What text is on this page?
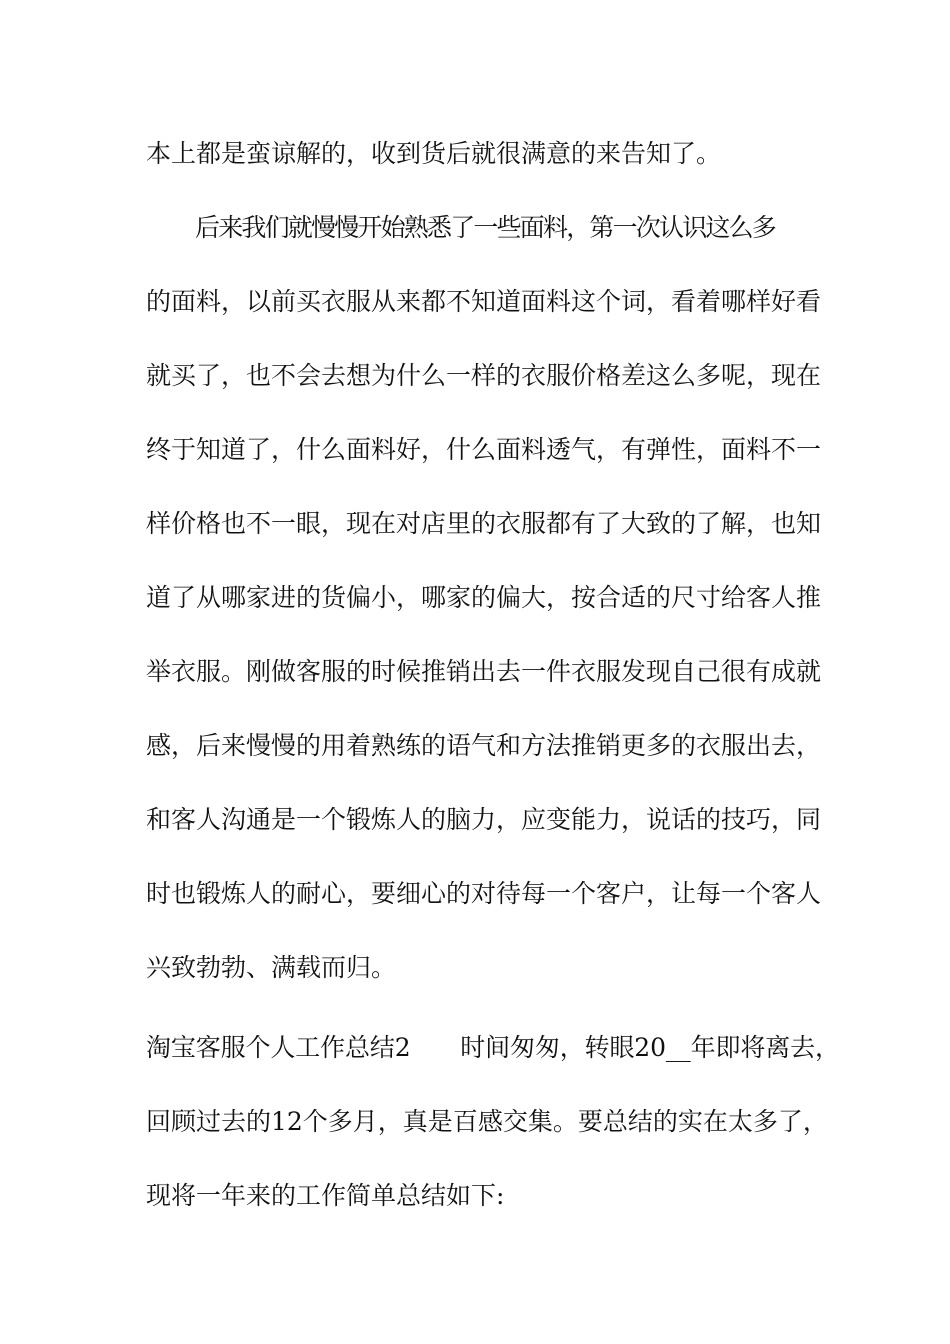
本上都是蛮谅解的，收到货后就很满意的来告知了。
后来我们就慢慢开始熟悉了一些面料，第一次认识这么多
的面料，以前买衣服从来都不知道面料这个词，看着哪样好看
就买了，也不会去想为什么一样的衣服价格差这么多呢，现在
终于知道了，什么面料好，什么面料透气，有弹性，面料不一
样价格也不一眼，现在对店里的衣服都有了大致的了解，也知
道了从哪家进的货偏小，哪家的偏大，按合适的尺寸给客人推
举衣服。刚做客服的时候推销出去一件衣服发现自己很有成就
感，后来慢慢的用着熟练的语气和方法推销更多的衣服出去，
和客人沟通是一个锻炼人的脑力，应变能力，说话的技巧，同
时也锻炼人的耐心，要细心的对待每一个客户，让每一个客人
兴致勃勃、满载而归。
淘宝客服个人工作总结2　　时间匆匆，转眼20__年即将离去，
回顾过去的12个多月，真是百感交集。要总结的实在太多了，
现将一年来的工作简单总结如下:
